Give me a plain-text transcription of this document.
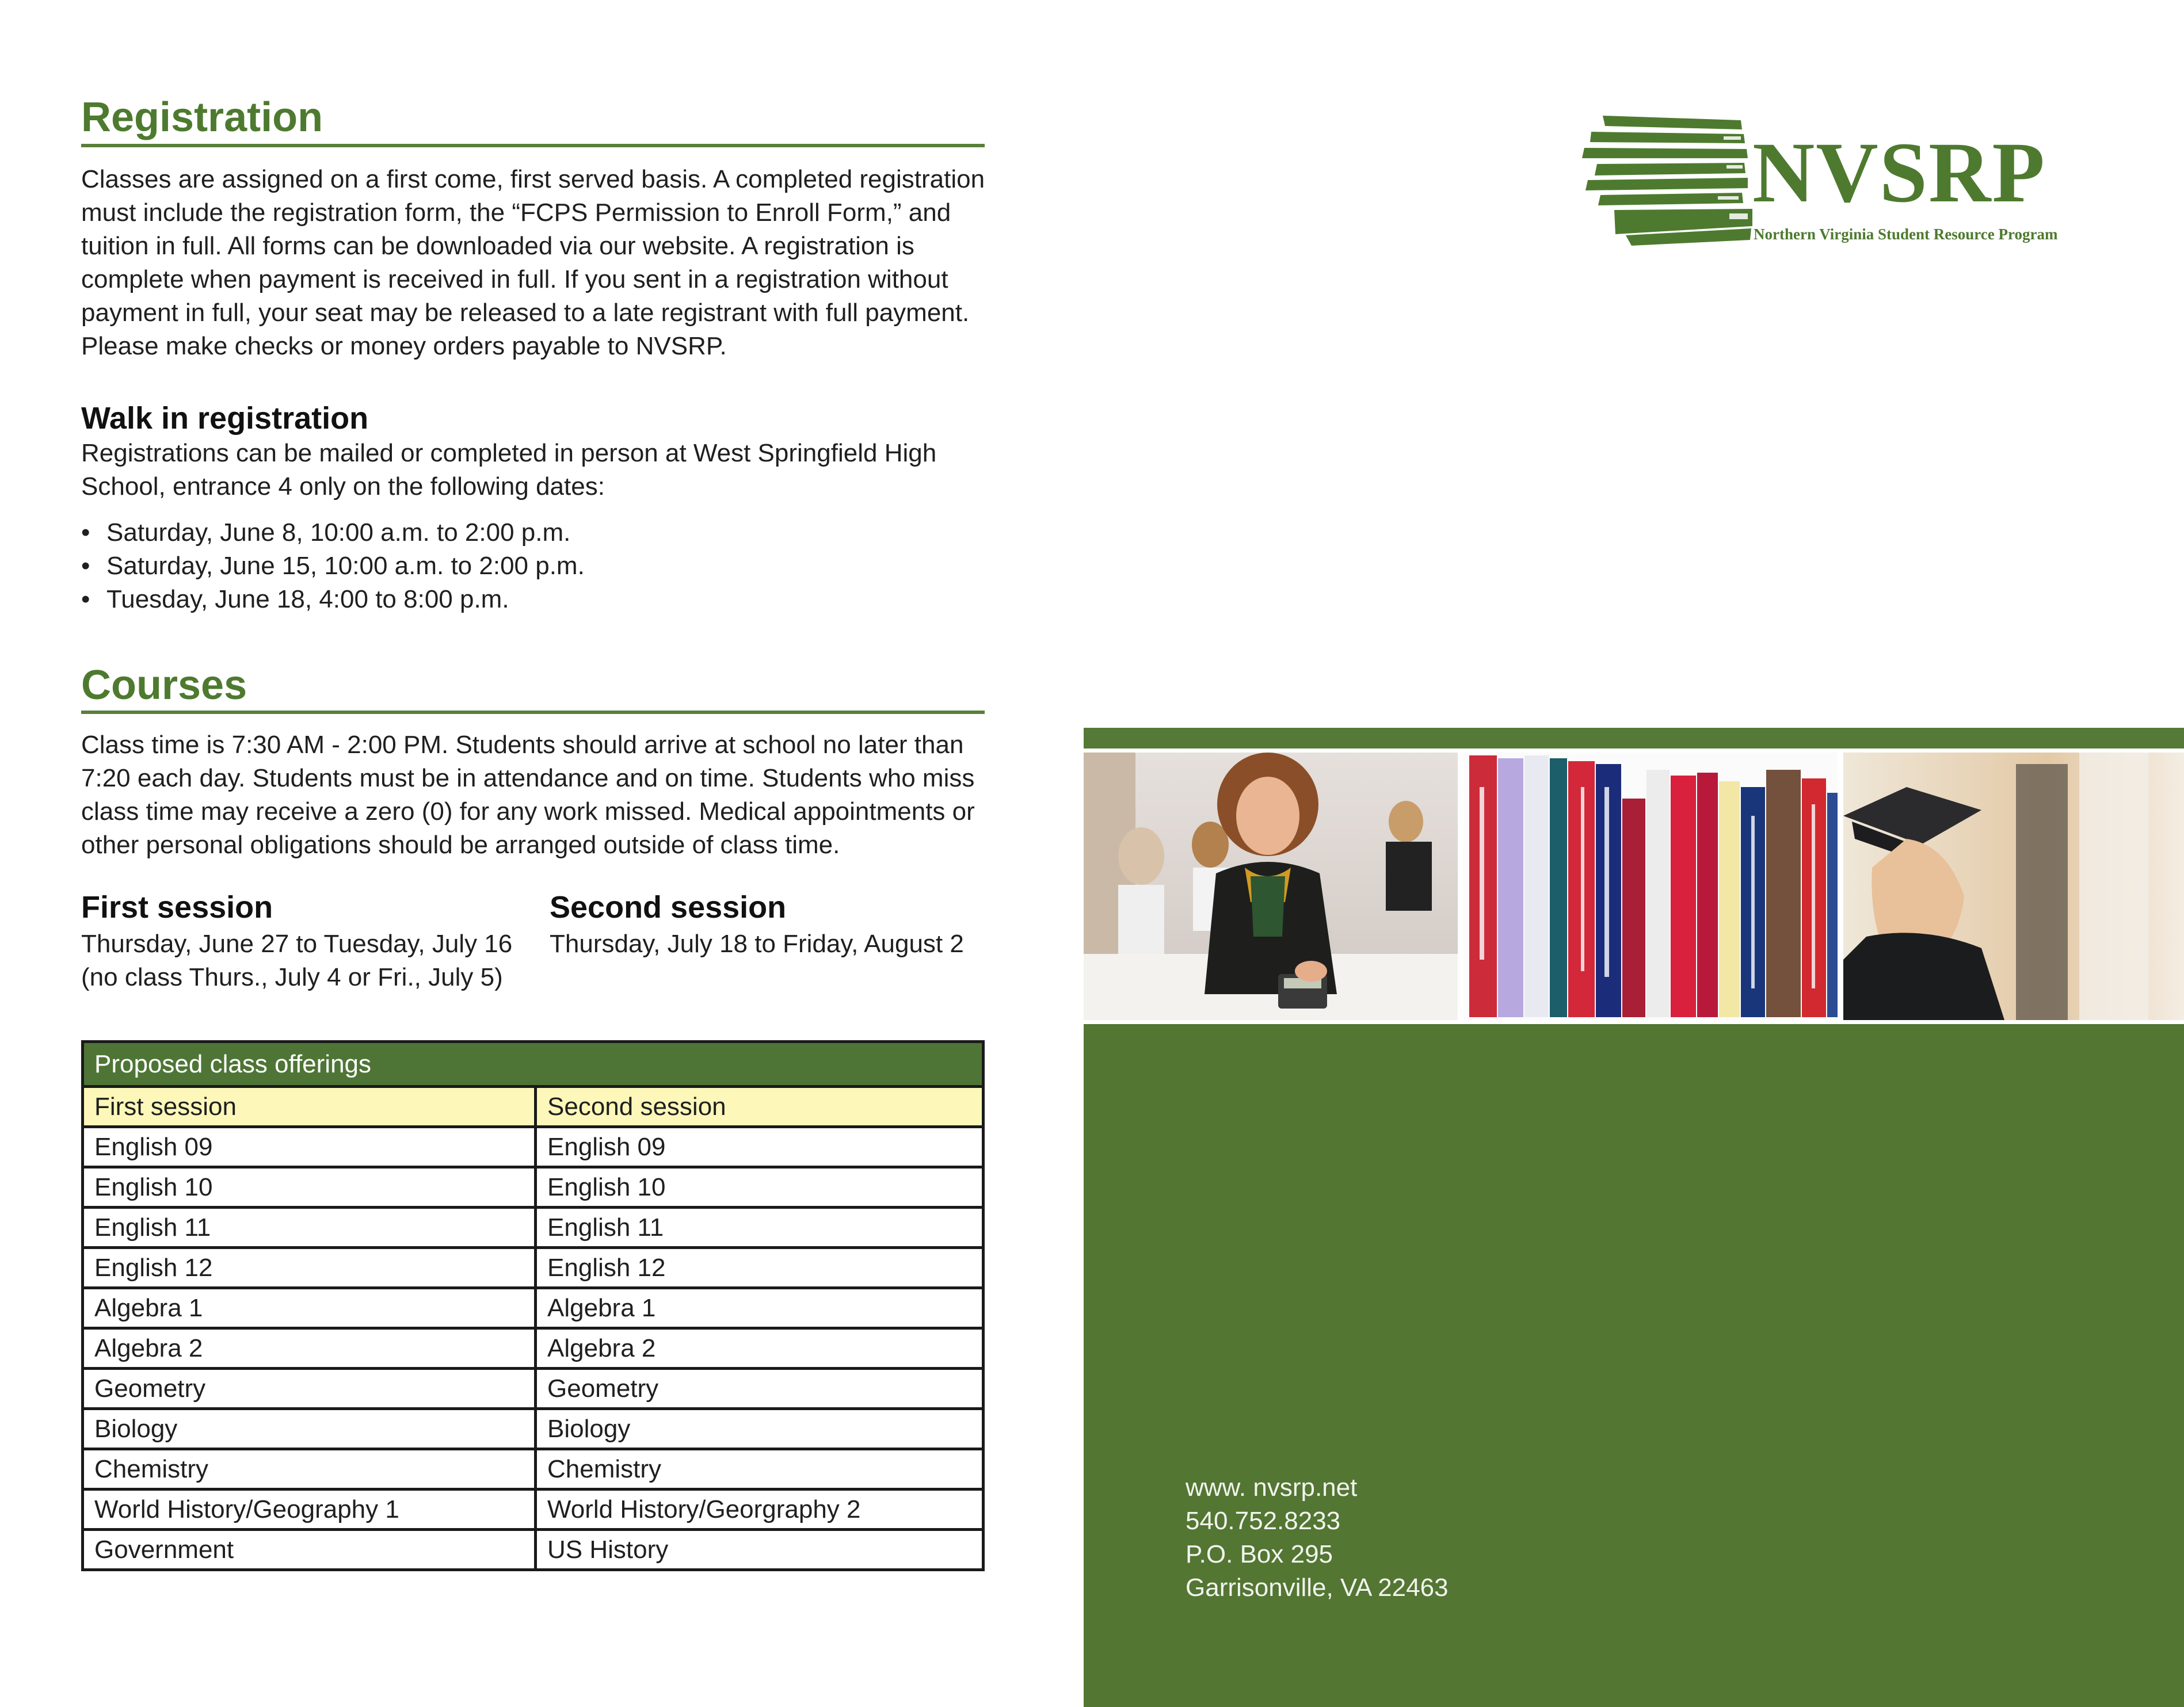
Registration

Classes are assigned on a first come, first served basis. A completed registration must include the registration form, the “FCPS Permission to Enroll Form,” and tuition in full. All forms can be downloaded via our website. A registration is complete when payment is received in full. If you sent in a registration without payment in full, your seat may be released to a late registrant with full payment. Please make checks or money orders payable to NVSRP.

Walk in registration

Registrations can be mailed or completed in person at West Springfield High School, entrance 4 only on the following dates:

• Saturday, June 8, 10:00 a.m. to 2:00 p.m.
• Saturday, June 15, 10:00 a.m. to 2:00 p.m.
• Tuesday, June 18, 4:00 to 8:00 p.m.
Courses

Class time is 7:30 AM - 2:00 PM. Students should arrive at school no later than 7:20 each day. Students must be in attendance and on time. Students who miss class time may receive a zero (0) for any work missed. Medical appointments or other personal obligations should be arranged outside of class time.

First session

Thursday, June 27 to Tuesday, July 16
(no class Thurs., July 4 or Fri., July 5)

Second session

Thursday, July 18 to Friday, August 2

Proposed class offerings	
First session	Second session
English 09	English 09
English 10	English 10
English 11	English 11
English 12	English 12
Algebra 1	Algebra 1
Algebra 2	Algebra 2
Geometry	Geometry
Biology	Biology
Chemistry	Chemistry
World History/Geography 1	World History/Georgraphy 2
Government	US History
NVSRP
Northern Virginia Student Resource Program
www. nvsrp.net
540.752.8233
P.O. Box 295
Garrisonville, VA 22463
